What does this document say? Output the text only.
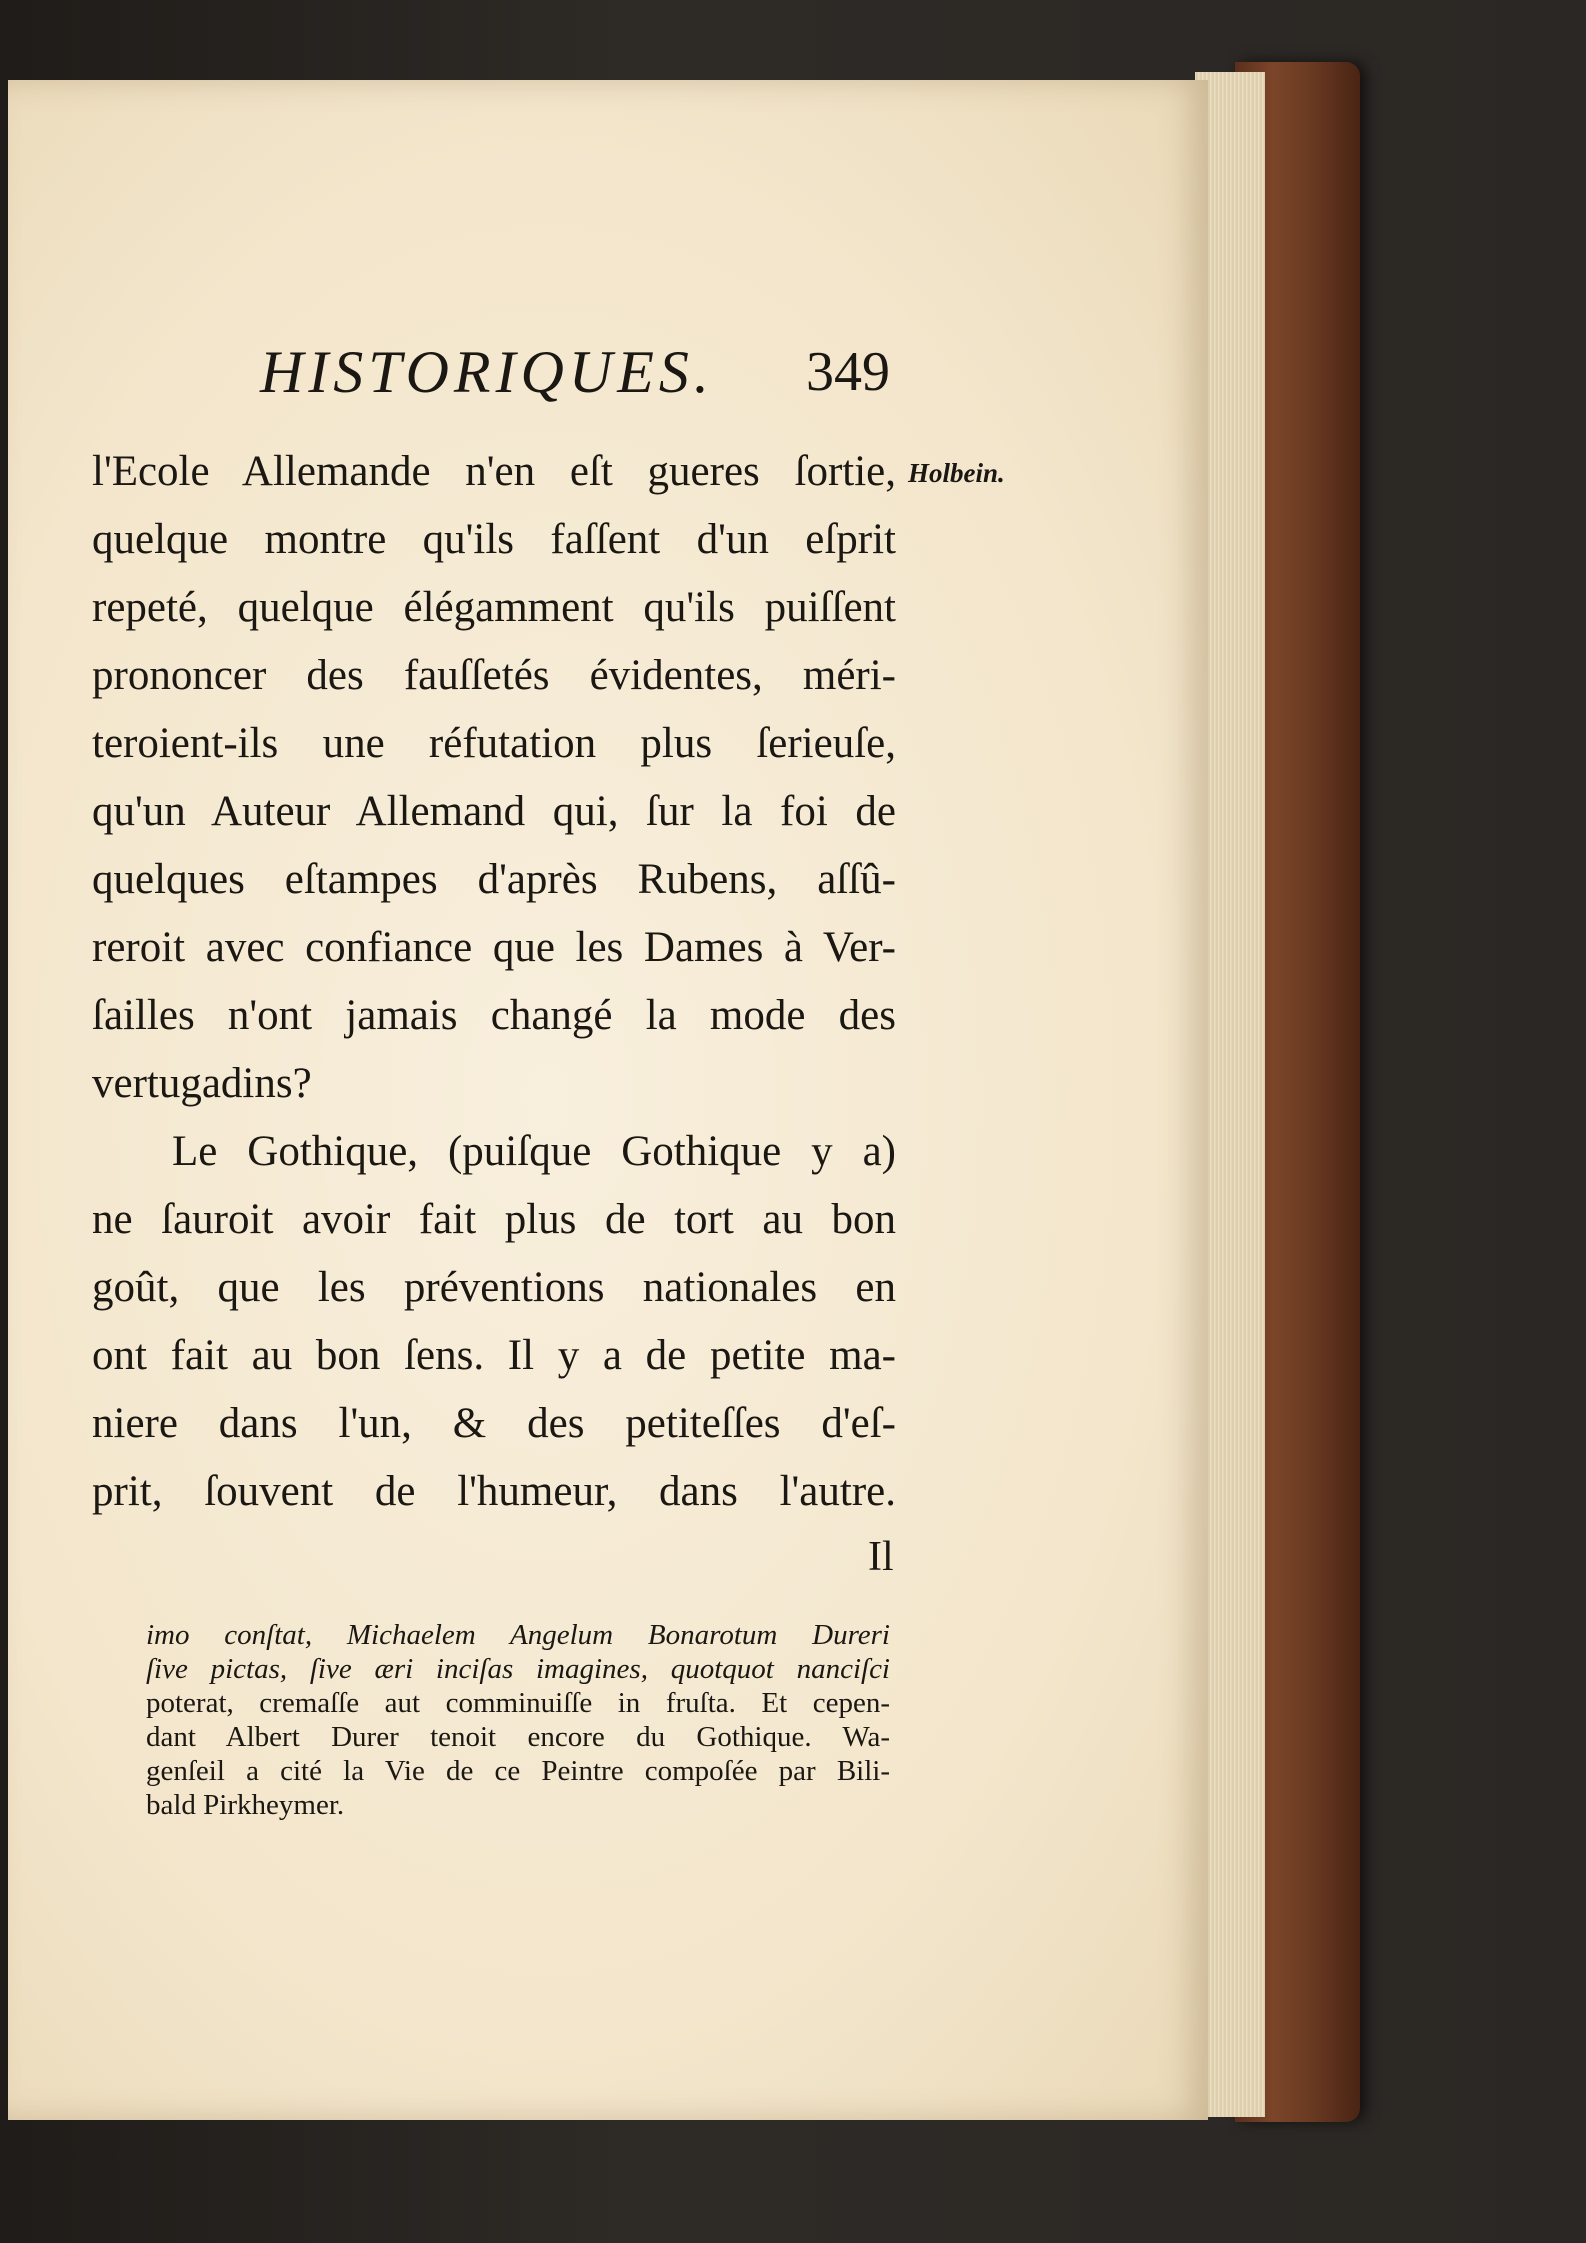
HISTORIQUES. 349
Holbein.
l'Ecole Allemande n'en eſt gueres ſortie,
quelque montre qu'ils faſſent d'un eſprit
repeté, quelque élégamment qu'ils puiſſent
prononcer des fauſſetés évidentes, méri-
teroient-ils une réfutation plus ſerieuſe,
qu'un Auteur Allemand qui, ſur la foi de
quelques eſtampes d'après Rubens, aſſû-
reroit avec confiance que les Dames à Ver-
ſailles n'ont jamais changé la mode des
vertugadins?
Le Gothique, (puiſque Gothique y a)
ne ſauroit avoir fait plus de tort au bon
goût, que les préventions nationales en
ont fait au bon ſens. Il y a de petite ma-
niere dans l'un, & des petiteſſes d'eſ-
prit, ſouvent de l'humeur, dans l'autre.
Il
imo conſtat, Michaelem Angelum Bonarotum Dureri
ſive pictas, ſive æri inciſas imagines, quotquot nanciſci
poterat, cremaſſe aut comminuiſſe in fruſta. Et cepen-
dant Albert Durer tenoit encore du Gothique. Wa-
genſeil a cité la Vie de ce Peintre compoſée par Bili-
bald Pirkheymer.
